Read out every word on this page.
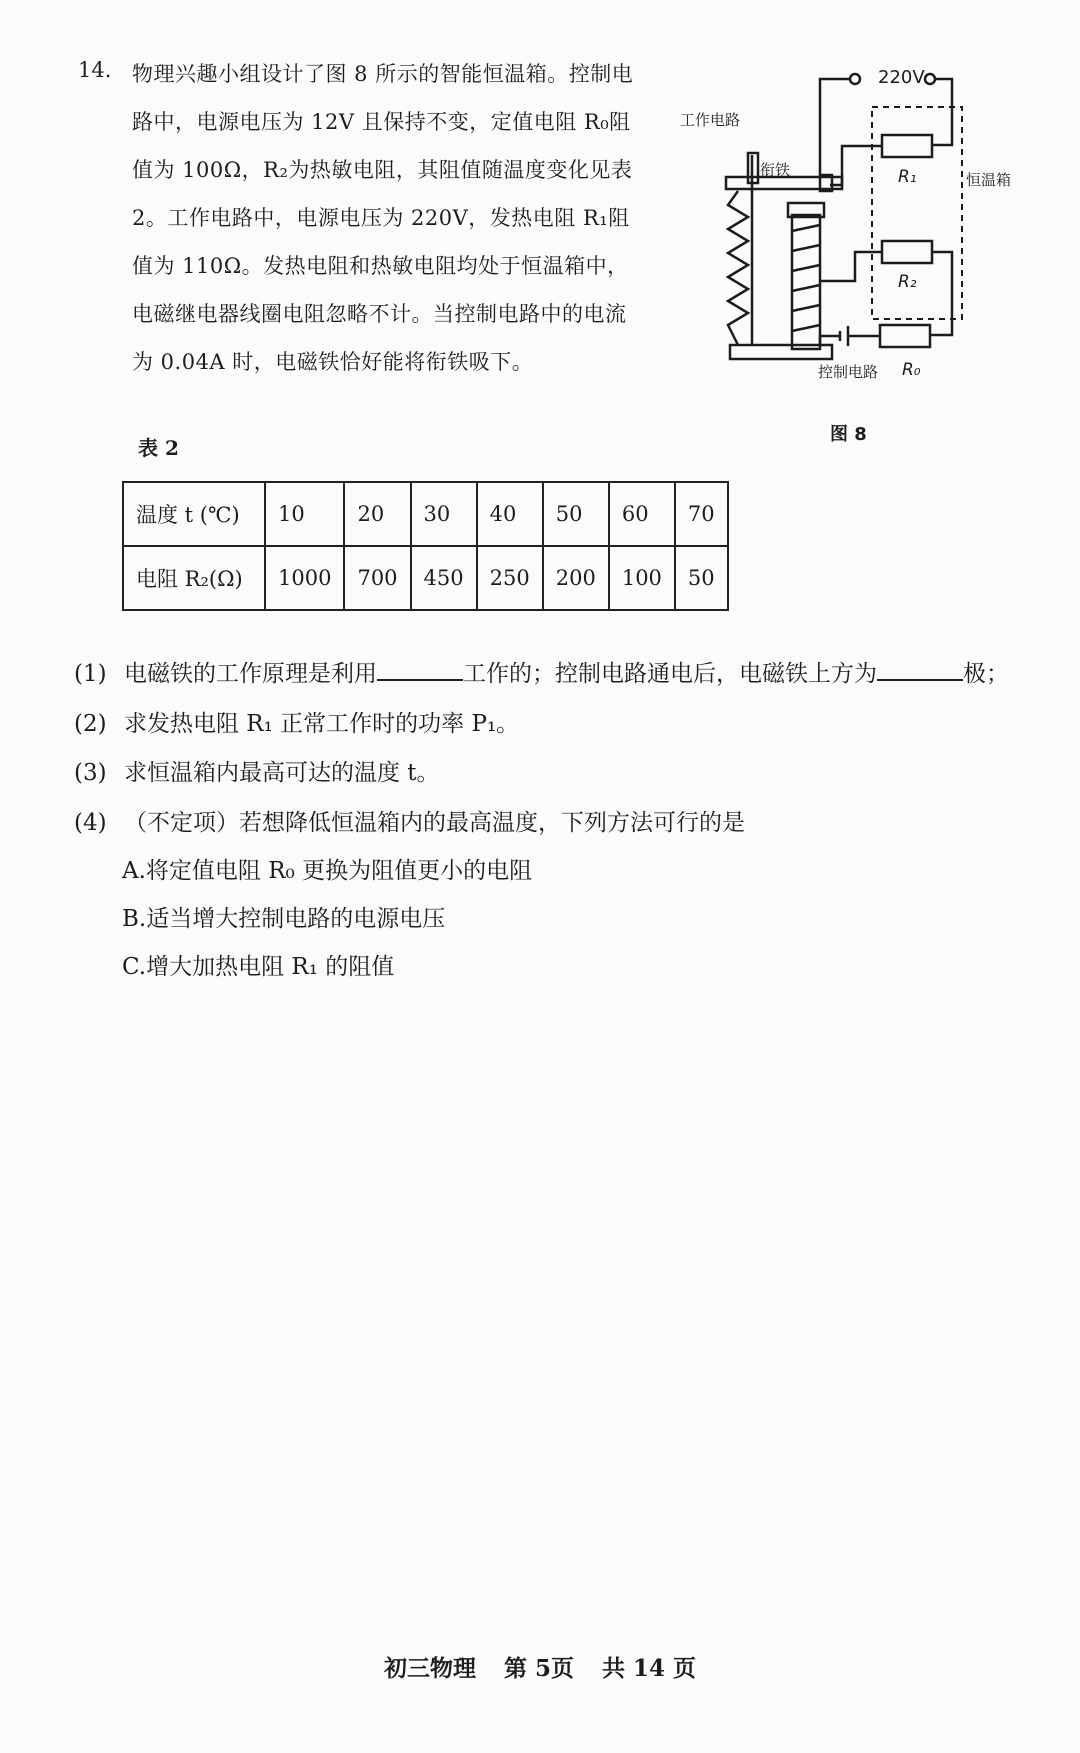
14. 物理兴趣小组设计了图 8 所示的智能恒温箱。控制电
路中，电源电压为 12V 且保持不变，定值电阻 R₀阻
值为 100Ω，R₂为热敏电阻，其阻值随温度变化见表
2。工作电路中，电源电压为 220V，发热电阻 R₁阻
值为 110Ω。发热电阻和热敏电阻均处于恒温箱中，
电磁继电器线圈电阻忽略不计。当控制电路中的电流
为 0.04A 时，电磁铁恰好能将衔铁吸下。
工作电路
220V
衔铁	R₁
R₂
恒温箱
控制电路 R₀
图 8
表 2
温度 t (℃)	10	20	30	40	50	60	70
电阻 R₂(Ω)	1000	700	450	250	200	100	50
(1) 电磁铁的工作原理是利用	工作的；控制电路通电后，电磁铁上方为	极；
(2) 求发热电阻 R₁ 正常工作时的功率 P₁。
(3) 求恒温箱内最高可达的温度 t。
(4) （不定项）若想降低恒温箱内的最高温度，下列方法可行的是
A.将定值电阻 R₀ 更换为阻值更小的电阻
B.适当增大控制电路的电源电压
C.增大加热电阻 R₁ 的阻值
初三物理 第 5页 共 14 页
